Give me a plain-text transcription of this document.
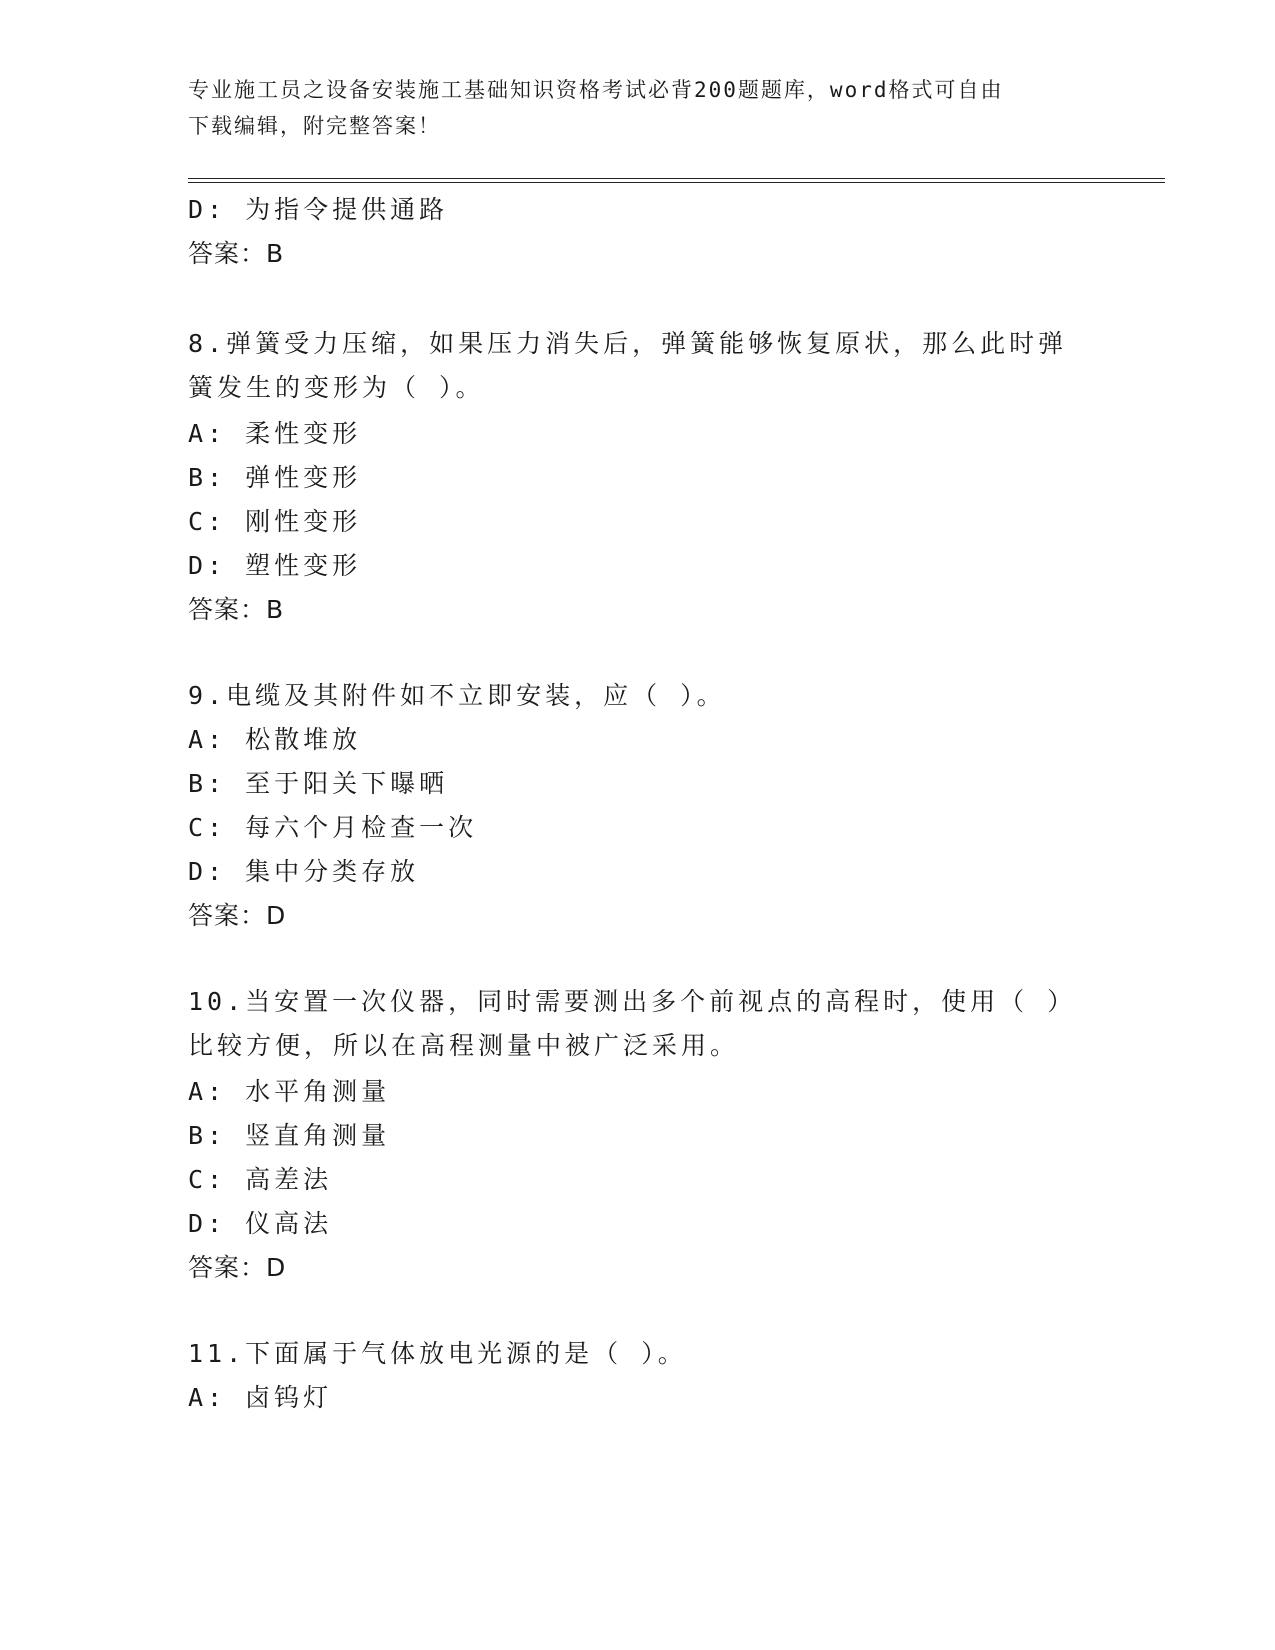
专业施工员之设备安装施工基础知识资格考试必背200题题库，word格式可自由
下载编辑，附完整答案！
D: 为指令提供通路
答案：B
8.弹簧受力压缩，如果压力消失后，弹簧能够恢复原状，那么此时弹
簧发生的变形为（ ）。
A: 柔性变形
B: 弹性变形
C: 刚性变形
D: 塑性变形
答案：B
9.电缆及其附件如不立即安装，应（ ）。
A: 松散堆放
B: 至于阳关下曝晒
C: 每六个月检查一次
D: 集中分类存放
答案：D
10.当安置一次仪器，同时需要测出多个前视点的高程时，使用（ ）
比较方便，所以在高程测量中被广泛采用。
A: 水平角测量
B: 竖直角测量
C: 高差法
D: 仪高法
答案：D
11.下面属于气体放电光源的是（ ）。
A: 卤钨灯
